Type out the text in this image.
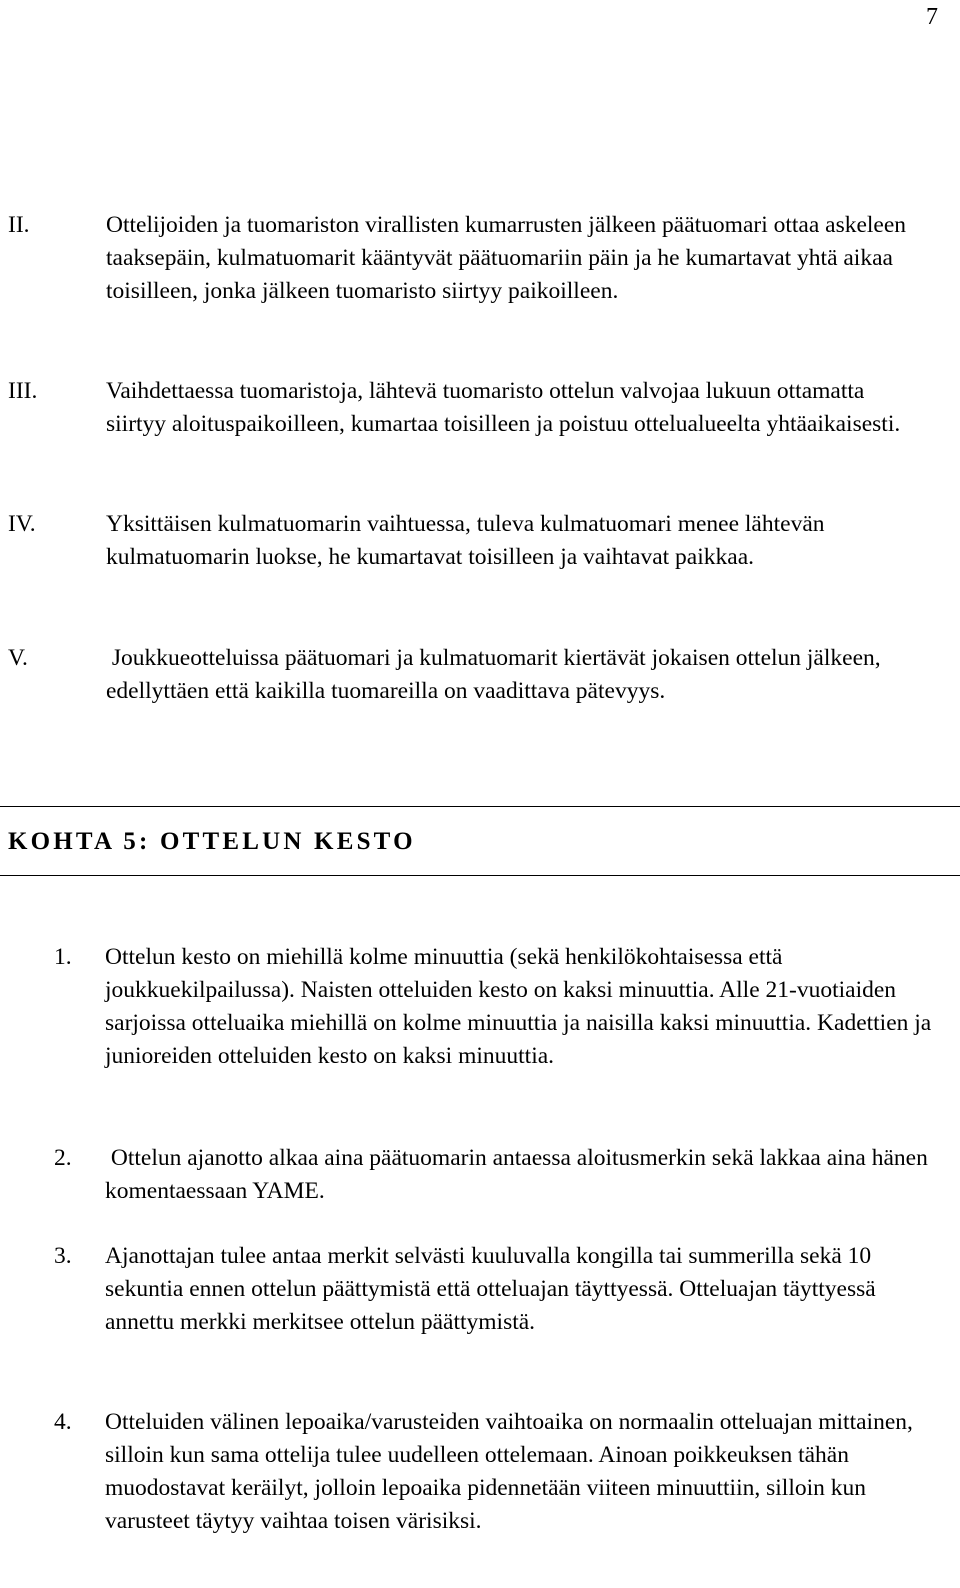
7
II.	Ottelijoiden ja tuomariston virallisten kumarrusten jälkeen päätuomari ottaa askeleen taaksepäin, kulmatuomarit kääntyvät päätuomariin päin ja he kumartavat yhtä aikaa toisilleen, jonka jälkeen tuomaristo siirtyy paikoilleen.
III.	Vaihdettaessa tuomaristoja, lähtevä tuomaristo ottelun valvojaa lukuun ottamatta siirtyy aloituspaikoilleen, kumartaa toisilleen ja poistuu ottelualueelta yhtäaikaisesti.
IV.	Yksittäisen kulmatuomarin vaihtuessa, tuleva kulmatuomari menee lähtevän kulmatuomarin luokse, he kumartavat toisilleen ja vaihtavat paikkaa.
V.	Joukkueotteluissa päätuomari ja kulmatuomarit kiertävät jokaisen ottelun jälkeen, edellyttäen että kaikilla tuomareilla on vaadittava pätevyys.
KOHTA 5: OTTELUN KESTO
1. Ottelun kesto on miehillä kolme minuuttia (sekä henkilökohtaisessa että joukkuekilpailussa). Naisten otteluiden kesto on kaksi minuuttia. Alle 21-vuotiaiden sarjoissa otteluaika miehillä on kolme minuuttia ja naisilla kaksi minuuttia. Kadettien ja junioreiden otteluiden kesto on kaksi minuuttia.
2. Ottelun ajanotto alkaa aina päätuomarin antaessa aloitusmerkin sekä lakkaa aina hänen komentaessaan YAME.
3. Ajanottajan tulee antaa merkit selvästi kuuluvalla kongilla tai summerilla sekä 10 sekuntia ennen ottelun päättymistä että otteluajan täyttyessä. Otteluajan täyttyessä annettu merkki merkitsee ottelun päättymistä.
4. Otteluiden välinen lepoaika/varusteiden vaihtoaika on normaalin otteluajan mittainen, silloin kun sama ottelija tulee uudelleen ottelemaan. Ainoan poikkeuksen tähän muodostavat keräilyt, jolloin lepoaika pidennetään viiteen minuuttiin, silloin kun varusteet täytyy vaihtaa toisen värisiksi.
